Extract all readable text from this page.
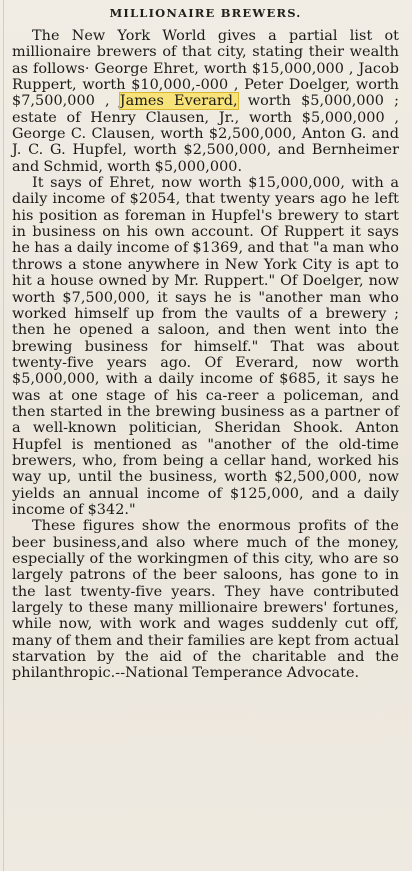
MILLIONAIRE BREWERS.

The New York World gives a partial list ot millionaire brewers of that city, stating their wealth as follows· George Ehret, worth $15,000,000 , Jacob Ruppert, worth $10,000,-000 , Peter Doelger, worth $7,500,000 , James Everard, worth $5,000,000 ; estate of Henry Clausen, Jr., worth $5,000,000 , George C. Clausen, worth $2,500,000, Anton G. and J. C. G. Hupfel, worth $2,500,000, and Bernheimer and Schmid, worth $5,000,000.

It says of Ehret, now worth $15,000,000, with a daily income of $2054, that twenty years ago he left his position as foreman in Hupfel's brewery to start in business on his own account. Of Ruppert it says he has a daily income of $1369, and that "a man who throws a stone anywhere in New York City is apt to hit a house owned by Mr. Ruppert." Of Doelger, now worth $7,500,000, it says he is "another man who worked himself up from the vaults of a brewery ; then he opened a saloon, and then went into the brewing business for himself." That was about twenty-five years ago. Of Everard, now worth $5,000,000, with a daily income of $685, it says he was at one stage of his ca-reer a policeman, and then started in the brewing business as a partner of a well-known politician, Sheridan Shook. Anton Hupfel is mentioned as "another of the old-time brewers, who, from being a cellar hand, worked his way up, until the business, worth $2,500,000, now yields an annual income of $125,000, and a daily income of $342."

These figures show the enormous profits of the beer business,and also where much of the money, especially of the workingmen of this city, who are so largely patrons of the beer saloons, has gone to in the last twenty-five years. They have contributed largely to these many millionaire brewers' fortunes, while now, with work and wages suddenly cut off, many of them and their families are kept from actual starvation by the aid of the charitable and the philanthropic.--National Temperance Advocate.
